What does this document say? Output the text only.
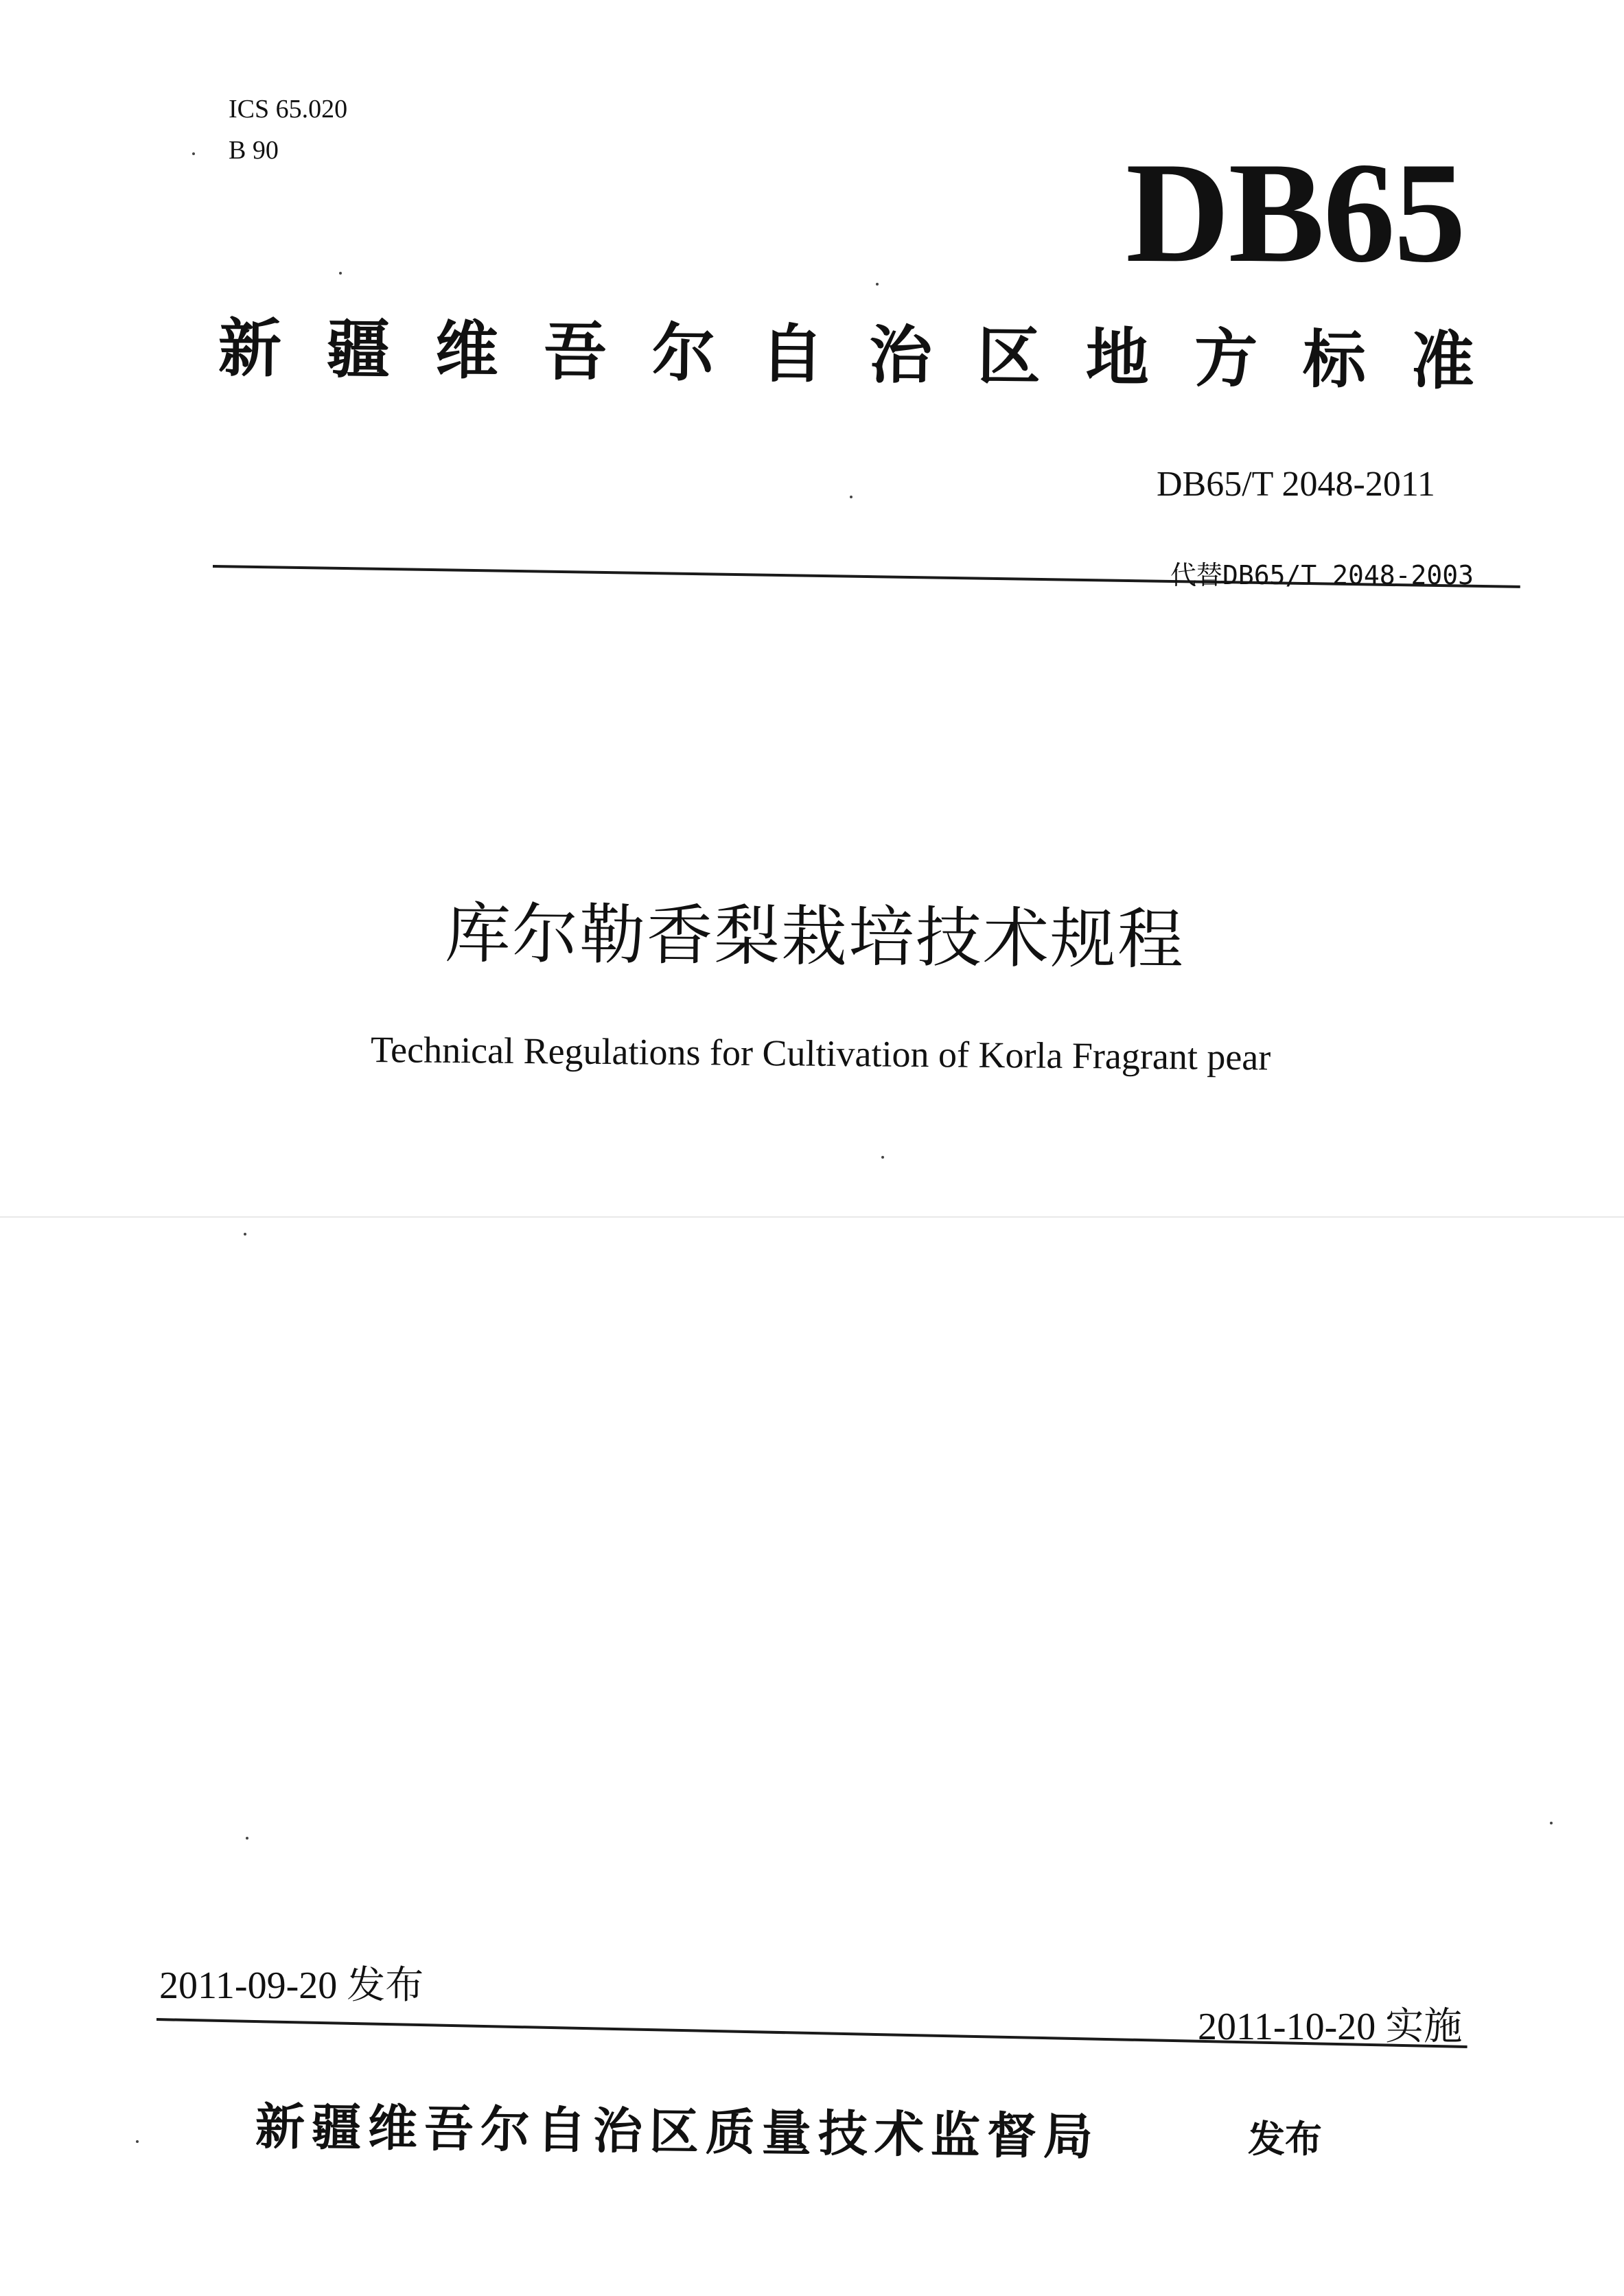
ICS 65.020
B 90	DB65
新疆维吾尔自治区地方标准
DB65/T 2048-2011
代替DB65/T 2048-2003
库尔勒香梨栽培技术规程
Technical Regulations for Cultivation of Korla Fragrant pear
2011-09-20 发布
2011-10-20 实施
新疆维吾尔自治区质量技术监督局	发布
